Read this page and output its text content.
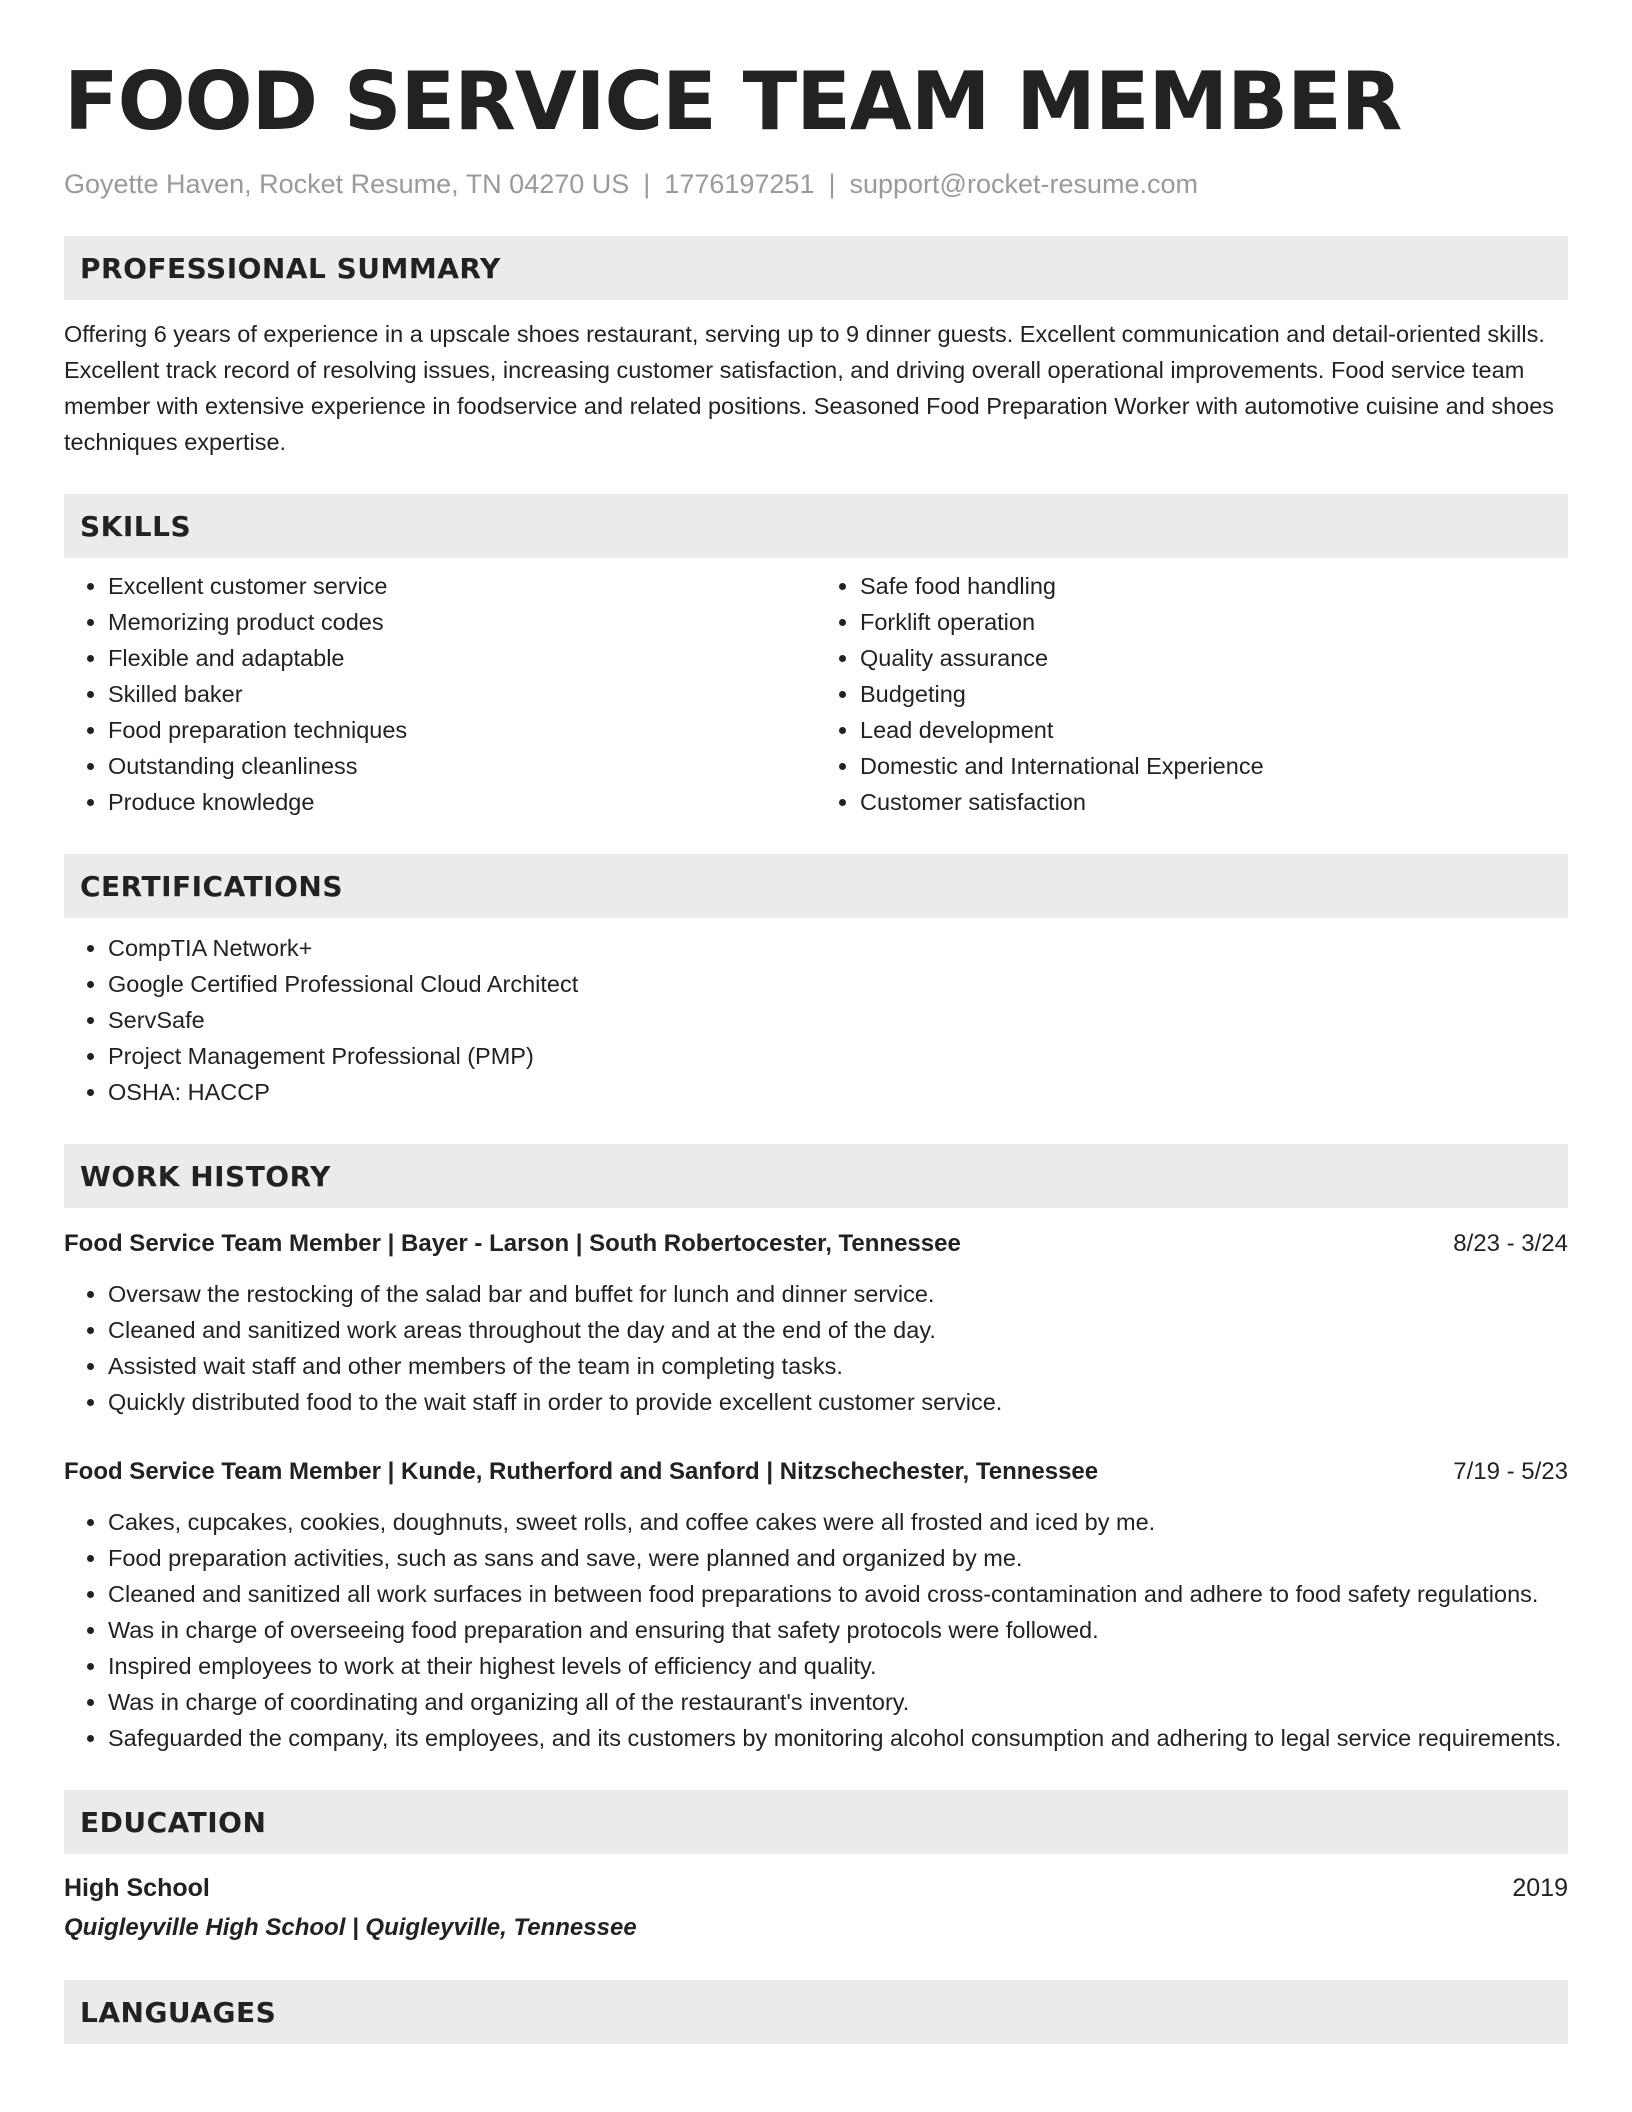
FOOD SERVICE TEAM MEMBER
Goyette Haven, Rocket Resume, TN 04270 US | 1776197251 | support@rocket-resume.com
PROFESSIONAL SUMMARY
Offering 6 years of experience in a upscale shoes restaurant, serving up to 9 dinner guests. Excellent communication and detail-oriented skills. Excellent track record of resolving issues, increasing customer satisfaction, and driving overall operational improvements. Food service team member with extensive experience in foodservice and related positions. Seasoned Food Preparation Worker with automotive cuisine and shoes techniques expertise.
SKILLS
• Excellent customer service
• Memorizing product codes
• Flexible and adaptable
• Skilled baker
• Food preparation techniques
• Outstanding cleanliness
• Produce knowledge
• Safe food handling
• Forklift operation
• Quality assurance
• Budgeting
• Lead development
• Domestic and International Experience
• Customer satisfaction
CERTIFICATIONS
• CompTIA Network+
• Google Certified Professional Cloud Architect
• ServSafe
• Project Management Professional (PMP)
• OSHA: HACCP
WORK HISTORY
Food Service Team Member | Bayer - Larson | South Robertocester, Tennessee	8/23 - 3/24
• Oversaw the restocking of the salad bar and buffet for lunch and dinner service.
• Cleaned and sanitized work areas throughout the day and at the end of the day.
• Assisted wait staff and other members of the team in completing tasks.
• Quickly distributed food to the wait staff in order to provide excellent customer service.
Food Service Team Member | Kunde, Rutherford and Sanford | Nitzschechester, Tennessee	7/19 - 5/23
• Cakes, cupcakes, cookies, doughnuts, sweet rolls, and coffee cakes were all frosted and iced by me.
• Food preparation activities, such as sans and save, were planned and organized by me.
• Cleaned and sanitized all work surfaces in between food preparations to avoid cross-contamination and adhere to food safety regulations.
• Was in charge of overseeing food preparation and ensuring that safety protocols were followed.
• Inspired employees to work at their highest levels of efficiency and quality.
• Was in charge of coordinating and organizing all of the restaurant's inventory.
• Safeguarded the company, its employees, and its customers by monitoring alcohol consumption and adhering to legal service requirements.
EDUCATION
High School	2019
Quigleyville High School | Quigleyville, Tennessee
LANGUAGES
